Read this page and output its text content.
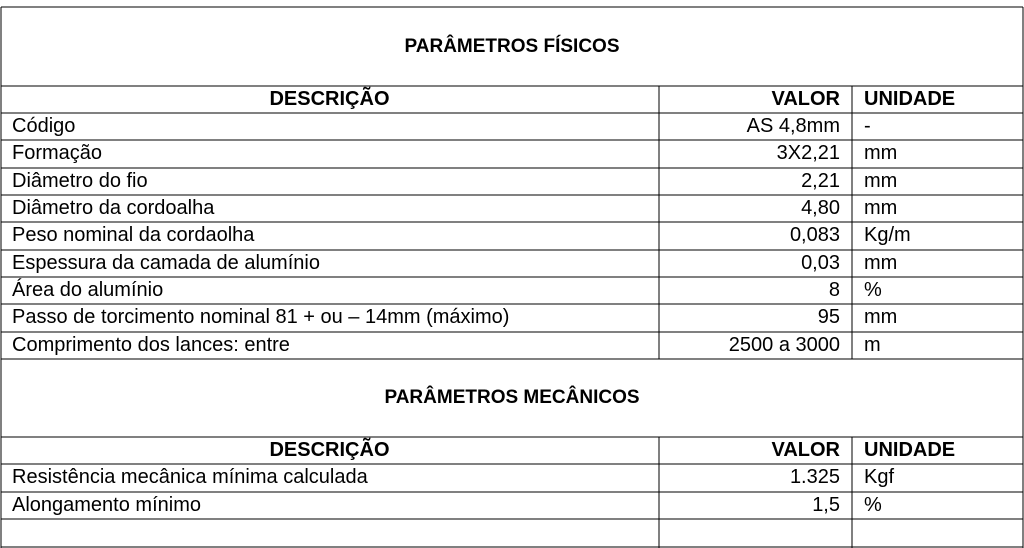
PARÂMETROS FÍSICOS
DESCRIÇÃO	VALOR UNIDADE
Código	AS 4,8mm -
Formação	3X2,21 mm
Diâmetro do fio	2,21 mm
Diâmetro da cordoalha	4,80 mm
Peso nominal da cordaolha	0,083 Kg/m
Espessura da camada de alumínio	0,03 mm
Área do alumínio	8 %
Passo de torcimento nominal 81 + ou – 14mm (máximo)	95 mm
Comprimento dos lances: entre	2500 a 3000 m
PARÂMETROS MECÂNICOS
DESCRIÇÃO	VALOR UNIDADE
Resistência mecânica mínima calculada	1.325 Kgf
Alongamento mínimo	1,5 %
